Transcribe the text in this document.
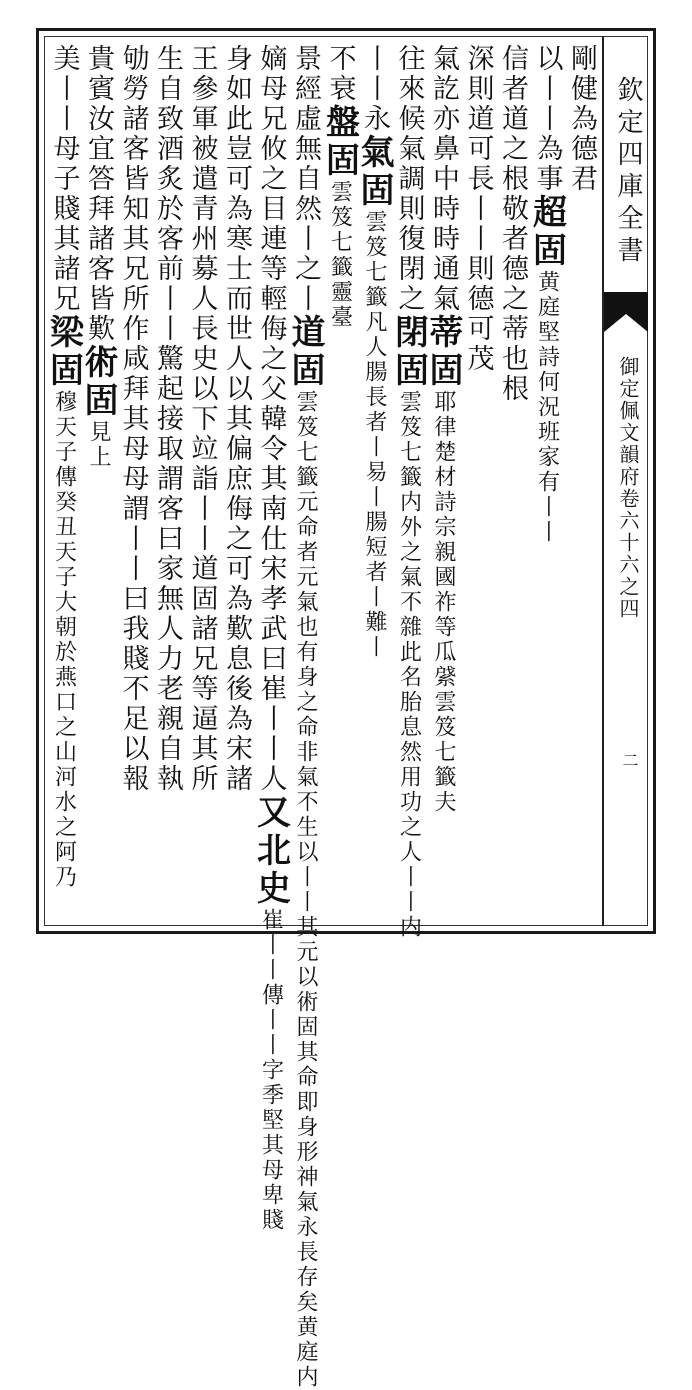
欽定四庫全書
御定佩文韻府卷六十六之四
二
剛健為德君
以丨丨為事超固黄庭堅詩何況班家有丨丨
信者道之根敬者德之蒂也根
深則道可長丨丨則德可茂
氣訖亦鼻中時時通氣蒂固耶律楚材詩宗親國祚等瓜䋯雲笈七籤夫
往來候氣調則復閉之閉固雲笈七籤内外之氣不雜此名胎息然用功之人丨丨内
丨丨永氣固雲笈七籤凡人腸長者丨易丨腸短者丨難丨
不衰盤固雲笈七籤靈臺
景經虛無自然丨之丨道固雲笈七籤元命者元氣也有身之命非氣不生以丨丨其元以術固其命即身形神氣永長存矣黄庭内
嫡母兄攸之目連等輕侮之父韓令其南仕宋孝武曰崔丨丨人又北史崔丨丨傳丨丨字季堅其母卑賤
身如此豈可為寒士而世人以其偏庶侮之可為歎息後為宋諸
王參軍被遣青州募人長史以下竝詣丨丨道固諸兄等逼其所
生自致酒炙於客前丨丨驚起接取謂客曰家無人力老親自執
劬勞諸客皆知其兄所作咸拜其母母謂丨丨曰我賤不足以報
貴賓汝宜答拜諸客皆歎術固見上
美丨丨母子賤其諸兄梁固穆天子傳癸丑天子大朝於燕口之山河水之阿乃
